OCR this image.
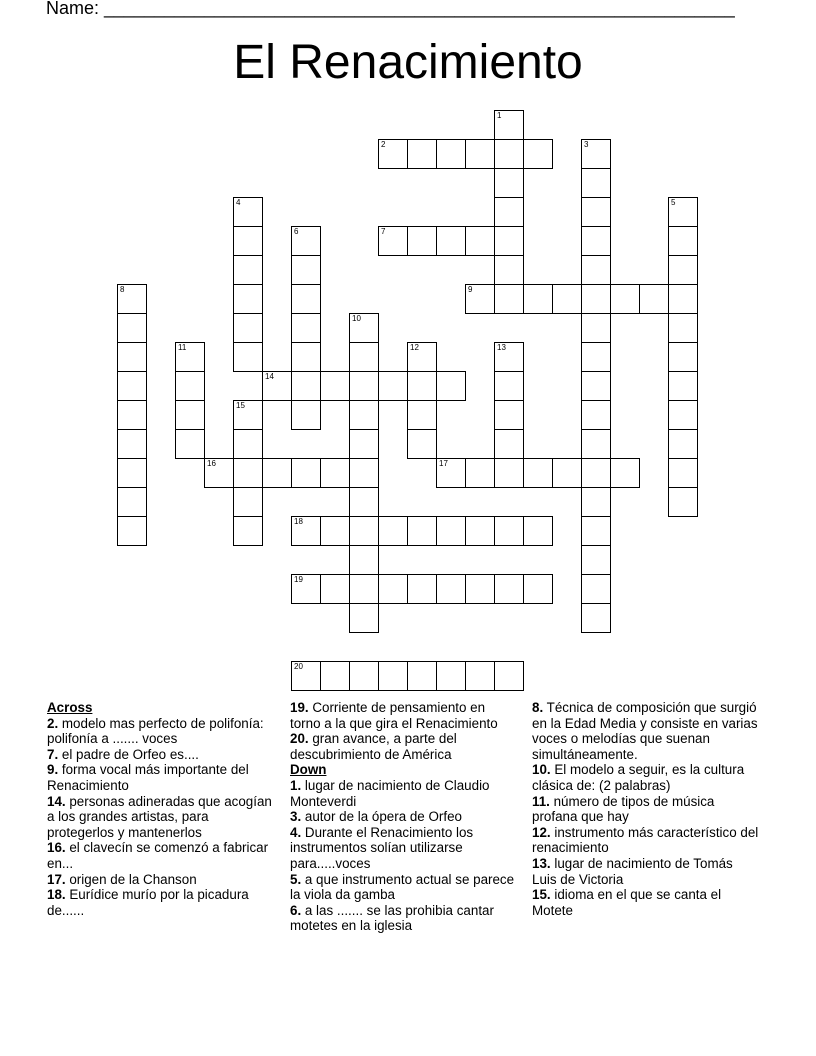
Name: _______________________________________________________________
El Renacimiento
1
2	3
4	5
6	7
8	9
10
11	12	13
14
15
16	17
18
19
20
Across
2. modelo mas perfecto de polifonía: polifonía a ....... voces
7. el padre de Orfeo es....
9. forma vocal más importante del Renacimiento
14. personas adineradas que acogían a los grandes artistas, para protegerlos y mantenerlos
16. el clavecín se comenzó a fabricar en...
17. origen de la Chanson
18. Eurídice murío por la picadura de......
19. Corriente de pensamiento en torno a la que gira el Renacimiento
20. gran avance, a parte del descubrimiento de América
Down
1. lugar de nacimiento de Claudio Monteverdi
3. autor de la ópera de Orfeo
4. Durante el Renacimiento los instrumentos solían utilizarse para.....voces
5. a que instrumento actual se parece la viola da gamba
6. a las ....... se las prohibia cantar motetes en la iglesia
8. Técnica de composición que surgió en la Edad Media y consiste en varias voces o melodías que suenan simultáneamente.
10. El modelo a seguir, es la cultura clásica de: (2 palabras)
11. número de tipos de música profana que hay
12. instrumento más característico del renacimiento
13. lugar de nacimiento de Tomás Luis de Victoria
15. idioma en el que se canta el Motete
